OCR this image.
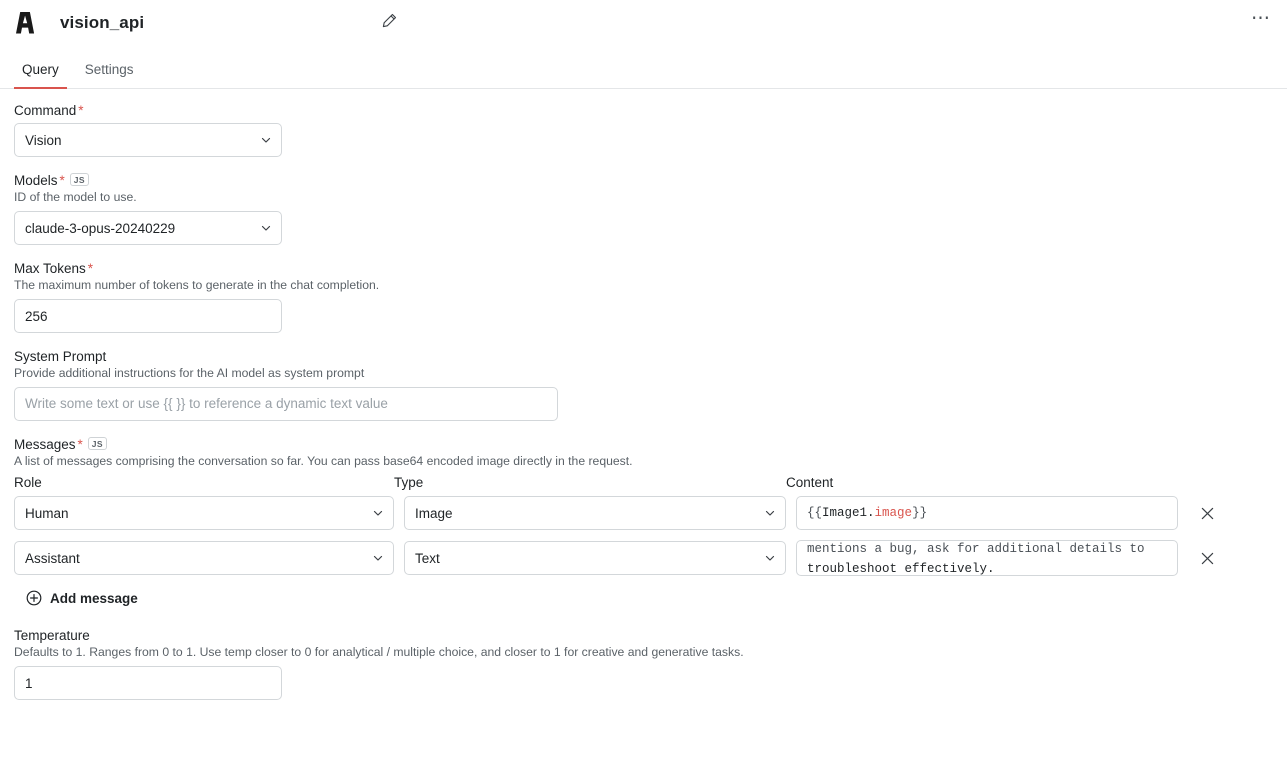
vision_api	⋯
Query	Settings
Command *
Vision
Models *	JS
ID of the model to use.
claude-3-opus-20240229
Max Tokens *
The maximum number of tokens to generate in the chat completion.
256
System Prompt
Provide additional instructions for the AI model as system prompt
Write some text or use {{ }} to reference a dynamic text value
Messages *	JS
A list of messages comprising the conversation so far. You can pass base64 encoded image directly in the request.
Role	Type	Content
Human	Image	{{ Image1 . image }}
Assistant	Text
mentions a bug, ask for additional details to
troubleshoot effectively.
Add message
Temperature
Defaults to 1. Ranges from 0 to 1. Use temp closer to 0 for analytical / multiple choice, and closer to 1 for creative and generative tasks.
1
